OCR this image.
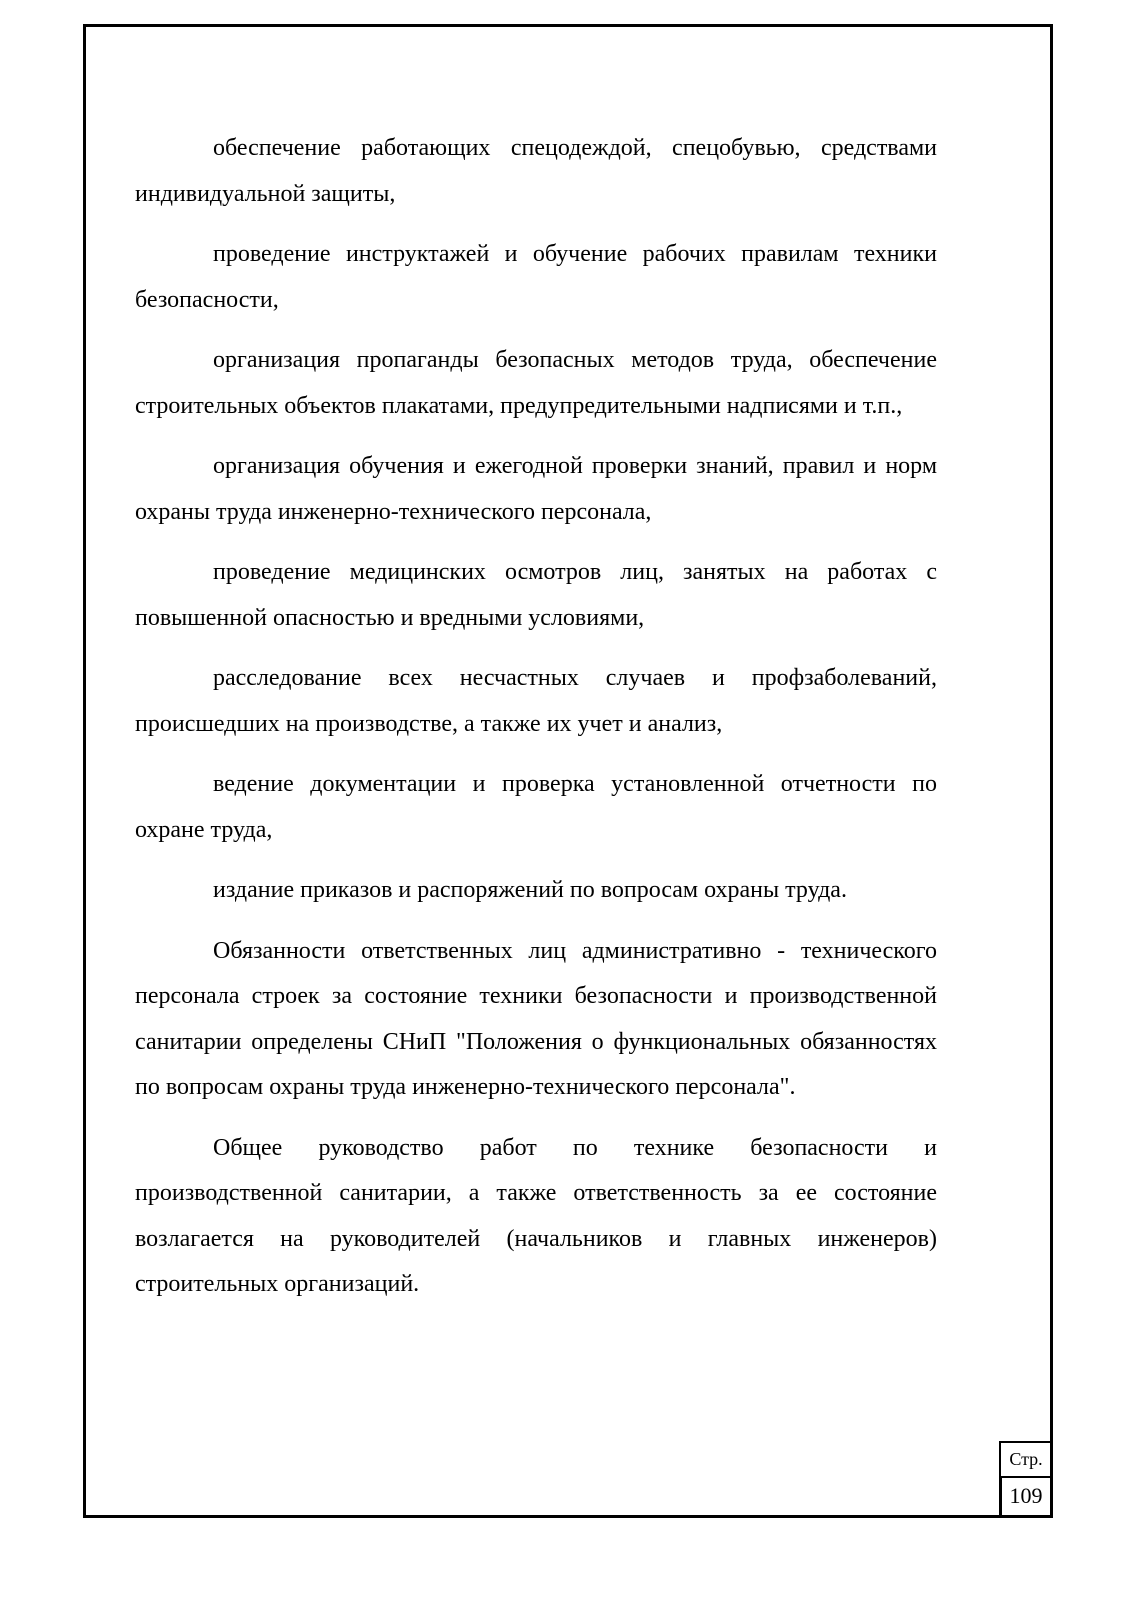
обеспечение работающих спецодеждой, спецобувью, средствами индивидуальной защиты,

проведение инструктажей и обучение рабочих правилам техники безопасности,

организация пропаганды безопасных методов труда, обеспечение строительных объектов плакатами, предупредительными надписями и т.п.,

организация обучения и ежегодной проверки знаний, правил и норм охраны труда инженерно-технического персонала,

проведение медицинских осмотров лиц, занятых на работах с повышенной опасностью и вредными условиями,

расследование всех несчастных случаев и профзаболеваний, происшедших на производстве, а также их учет и анализ,

ведение документации и проверка установленной отчетности по охране труда,

издание приказов и распоряжений по вопросам охраны труда.

Обязанности ответственных лиц административно - технического персонала строек за состояние техники безопасности и производственной санитарии определены СНиП "Положения о функциональных обязанностях по вопросам охраны труда инженерно-технического персонала".

Общее руководство работ по технике безопасности и производственной санитарии, а также ответственность за ее состояние возлагается на руководителей (начальников и главных инженеров) строительных организаций.

Стр.
109
